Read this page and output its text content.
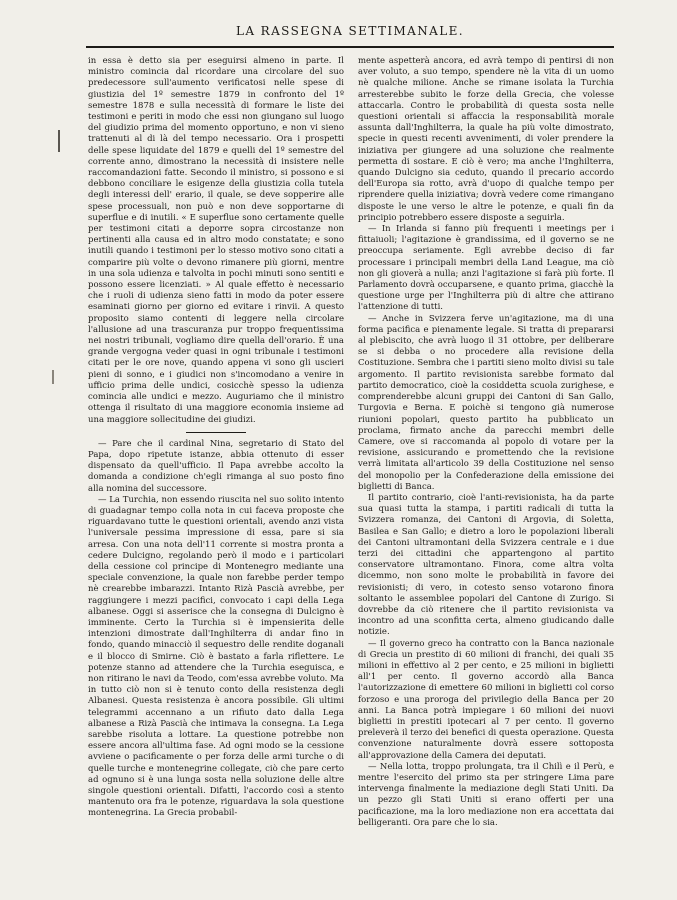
LA RASSEGNA SETTIMANALE.

in essa è detto sia per eseguirsi almeno in parte. Il ministro comincia dal ricordare una circolare del suo predecessore sull'aumento verificatosi nelle spese di giustizia del 1º semestre 1879 in confronto del 1º semestre 1878 e sulla necessità di formare le liste dei testimoni e periti in modo che essi non giungano sul luogo del giudizio prima del momento opportuno, e non vi sieno trattenuti al di là del tempo necessario. Ora i prospetti delle spese liquidate del 1879 e quelli del 1º semestre del corrente anno, dimostrano la necessità di insistere nelle raccomandazioni fatte. Secondo il ministro, si possono e si debbono conciliare le esigenze della giustizia colla tutela degli interessi dell' erario, il quale, se deve sopperire alle spese processuali, non può e non deve sopportarne di superflue e di inutili. « E superflue sono certamente quelle per testimoni citati a deporre sopra circostanze non pertinenti alla causa ed in altro modo constatate; e sono inutili quando i testimoni per lo stesso motivo sono citati a comparire più volte o devono rimanere più giorni, mentre in una sola udienza e talvolta in pochi minuti sono sentiti e possono essere licenziati. » Al quale effetto è necessario che i ruoli di udienza sieno fatti in modo da poter essere esaminati giorno per giorno ed evitare i rinvii. A questo proposito siamo contenti di leggere nella circolare l'allusione ad una trascuranza pur troppo frequentissima nei nostri tribunali, vogliamo dire quella dell'orario. È una grande vergogna veder quasi in ogni tribunale i testimoni citati per le ore nove, quando appena vi sono gli uscieri pieni di sonno, e i giudici non s'incomodano a venire in ufficio prima delle undici, cosicchè spesso la udienza comincia alle undici e mezzo. Auguriamo che il ministro ottenga il risultato di una maggiore economia insieme ad una maggiore sollecitudine dei giudizi.

— Pare che il cardinal Nina, segretario di Stato del Papa, dopo ripetute istanze, abbia ottenuto di esser dispensato da quell'ufficio. Il Papa avrebbe accolto la domanda a condizione ch'egli rimanga al suo posto fino alla nomina del successore.

— La Turchia, non essendo riuscita nel suo solito intento di guadagnar tempo colla nota in cui faceva proposte che riguardavano tutte le questioni orientali, avendo anzi vista l'universale pessima impressione di essa, pare si sia arresa. Con una nota dell'11 corrente si mostra pronta a cedere Dulcigno, regolando però il modo e i particolari della cessione col principe di Montenegro mediante una speciale convenzione, la quale non farebbe perder tempo nè crearebbe imbarazzi. Intanto Rizà Pascià avrebbe, per raggiungere i mezzi pacifici, convocato i capi della Lega albanese. Oggi si asserisce che la consegna di Dulcigno è imminente. Certo la Turchia si è impensierita delle intenzioni dimostrate dall'Inghilterra di andar fino in fondo, quando minacciò il sequestro delle rendite doganali e il blocco di Smirne. Ciò è bastato a farla riflettere. Le potenze stanno ad attendere che la Turchia eseguisca, e non ritirano le navi da Teodo, com'essa avrebbe voluto. Ma in tutto ciò non si è tenuto conto della resistenza degli Albanesi. Questa resistenza è ancora possibile. Gli ultimi telegrammi accennano a un rifiuto dato dalla Lega albanese a Rizà Pascià che intimava la consegna. La Lega sarebbe risoluta a lottare. La questione potrebbe non essere ancora all'ultima fase. Ad ogni modo se la cessione avviene o pacificamente o per forza delle armi turche o di quelle turche e montenegrine collegate, ciò che pare certo ad ognuno si è una lunga sosta nella soluzione delle altre singole questioni orientali. Difatti, l'accordo così a stento mantenuto ora fra le potenze, riguardava la sola questione montenegrina. La Grecia probabil-

mente aspetterà ancora, ed avrà tempo di pentirsi di non aver voluto, a suo tempo, spendere nè la vita di un uomo nè qualche milione. Anche se rimane isolata la Turchia arresterebbe subito le forze della Grecia, che volesse attaccarla. Contro le probabilità di questa sosta nelle questioni orientali si affaccia la responsabilità morale assunta dall'Inghilterra, la quale ha più volte dimostrato, specie in questi recenti avvenimenti, di voler prendere la iniziativa per giungere ad una soluzione che realmente permetta di sostare. E ciò è vero; ma anche l'Inghilterra, quando Dulcigno sia ceduto, quando il precario accordo dell'Europa sia rotto, avrà d'uopo di qualche tempo per riprendere quella iniziativa; dovrà vedere come rimangano disposte le une verso le altre le potenze, e quali fin da principio potrebbero essere disposte a seguirla.

— In Irlanda si fanno più frequenti i meetings per i fittaiuoli; l'agitazione è grandissima, ed il governo se ne preoccupa seriamente. Egli avrebbe deciso di far processare i principali membri della Land League, ma ciò non gli gioverà a nulla; anzi l'agitazione si farà più forte. Il Parlamento dovrà occuparsene, e quanto prima, giacchè la questione urge per l'Inghilterra più di altre che attirano l'attenzione di tutti.

— Anche in Svizzera ferve un'agitazione, ma di una forma pacifica e pienamente legale. Si tratta di prepararsi al plebiscito, che avrà luogo il 31 ottobre, per deliberare se si debba o no procedere alla revisione della Costituzione. Sembra che i partiti sieno molto divisi su tale argomento. Il partito revisionista sarebbe formato dal partito democratico, cioè la cosiddetta scuola zurighese, e comprenderebbe alcuni gruppi dei Cantoni di San Gallo, Turgovia e Berna. E poichè si tengono già numerose riunioni popolari, questo partito ha pubblicato un proclama, firmato anche da parecchi membri delle Camere, ove si raccomanda al popolo di votare per la revisione, assicurando e promettendo che la revisione verrà limitata all'articolo 39 della Costituzione nel senso del monopolio per la Confederazione della emissione dei biglietti di Banca.

Il partito contrario, cioè l'anti-revisionista, ha da parte sua quasi tutta la stampa, i partiti radicali di tutta la Svizzera romanza, dei Cantoni di Argovia, di Soletta, Basilea e San Gallo; e dietro a loro le popolazioni liberali dei Cantoni ultramontani della Svizzera centrale e i due terzi dei cittadini che appartengono al partito conservatore ultramontano. Finora, come altra volta dicemmo, non sono molte le probabilità in favore dei revisionisti; di vero, in cotesto senso votarono finora soltanto le assemblee popolari del Cantone di Zurigo. Si dovrebbe da ciò ritenere che il partito revisionista va incontro ad una sconfitta certa, almeno giudicando dalle notizie.

— Il governo greco ha contratto con la Banca nazionale di Grecia un prestito di 60 milioni di franchi, dei quali 35 milioni in effettivo al 2 per cento, e 25 milioni in biglietti all'1 per cento. Il governo accordò alla Banca l'autorizzazione di emettere 60 milioni in biglietti col corso forzoso e una proroga del privilegio della Banca per 20 anni. La Banca potrà impiegare i 60 milioni dei nuovi biglietti in prestiti ipotecari al 7 per cento. Il governo preleverà il terzo dei benefici di questa operazione. Questa convenzione naturalmente dovrà essere sottoposta all'approvazione della Camera dei deputati.

— Nella lotta, troppo prolungata, tra il Chilì e il Perù, e mentre l'esercito del primo sta per stringere Lima pare intervenga finalmente la mediazione degli Stati Uniti. Da un pezzo gli Stati Uniti si erano offerti per una pacificazione, ma la loro mediazione non era accettata dai belligeranti. Ora pare che lo sia.
